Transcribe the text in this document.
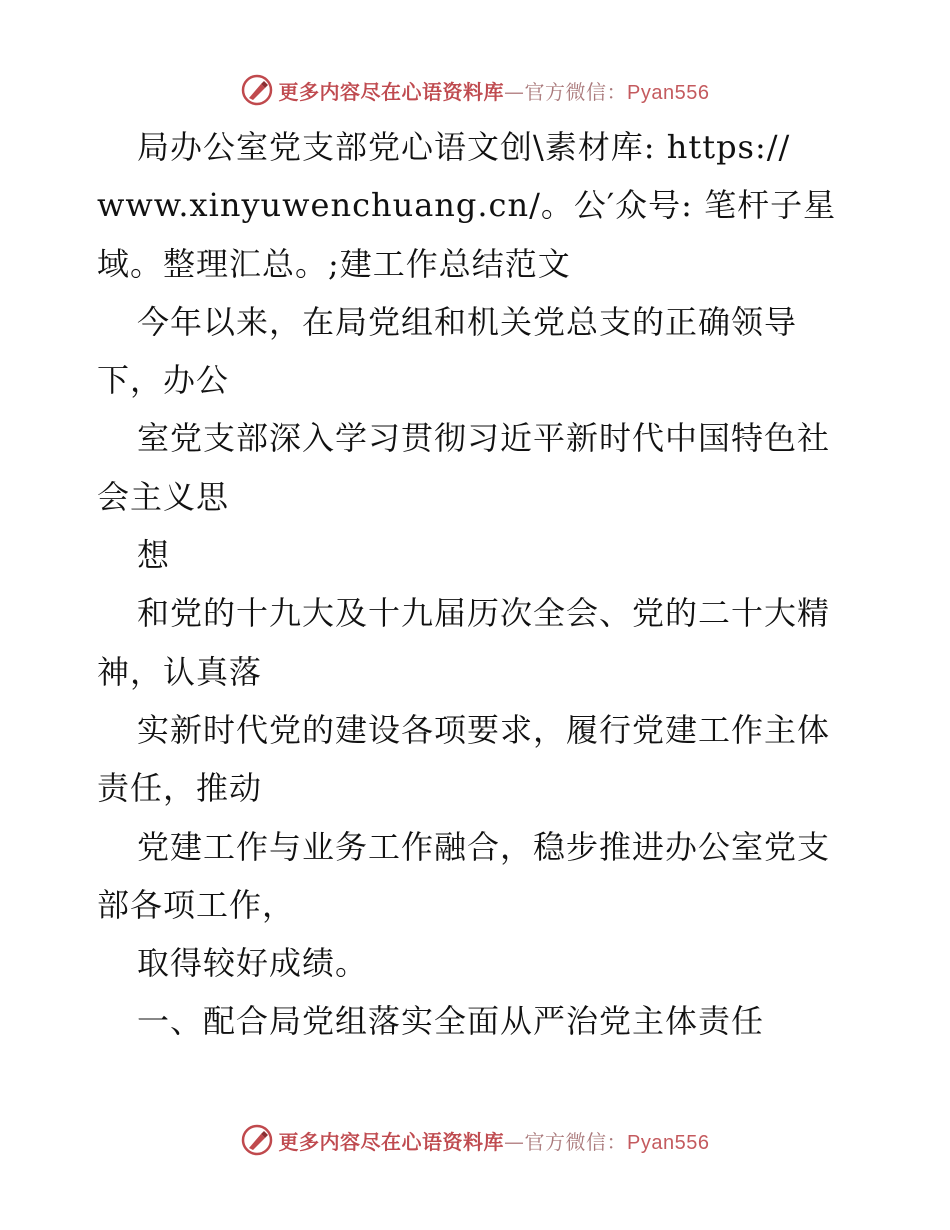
更多内容尽在心语资料库—官方微信：Pyan556
局办公室党支部党心语文创\素材库: https://
www.xinyuwenchuang.cn/。公′众号: 笔杆子星
域。整理汇总。;建工作总结范文
今年以来，在局党组和机关党总支的正确领导
下，办公
室党支部深入学习贯彻习近平新时代中国特色社
会主义思
想
和党的十九大及十九届历次全会、党的二十大精
神，认真落
实新时代党的建设各项要求，履行党建工作主体
责任，推动
党建工作与业务工作融合，稳步推进办公室党支
部各项工作，
取得较好成绩。
一、配合局党组落实全面从严治党主体责任
更多内容尽在心语资料库—官方微信：Pyan556
